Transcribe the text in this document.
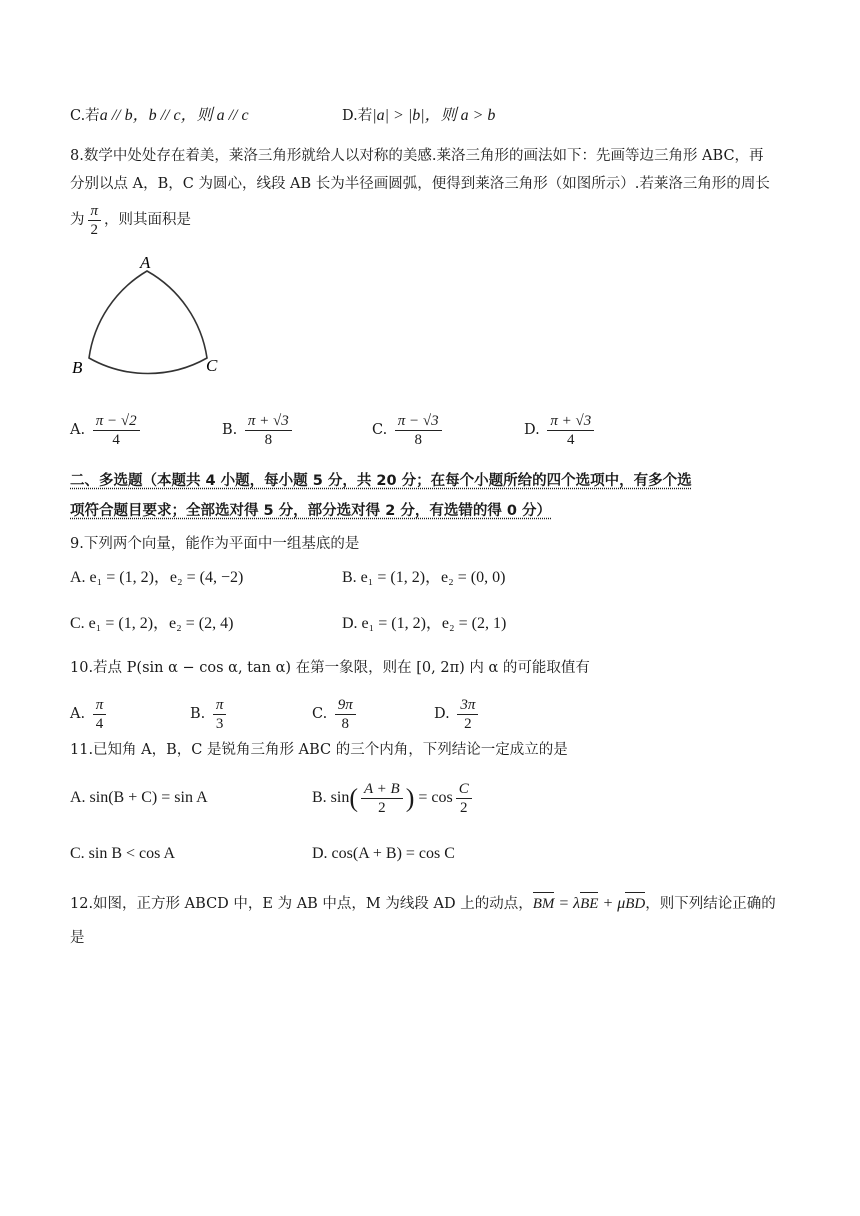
C.若a // b，b // c，则 a // c	D.若|a| > |b|，则 a > b
8.数学中处处存在着美，莱洛三角形就给人以对称的美感.莱洛三角形的画法如下：先画等边三角形 ABC，再
分别以点 A，B，C 为圆心，线段 AB 长为半径画圆弧，便得到莱洛三角形（如图所示）.若莱洛三角形的周长
为 $\frac{\pi}{2}$ ，则其面积是
A
B	C
A. $\frac{\pi - √2}{4}$	B. $\frac{\pi + √3}{8}$	C. $\frac{\pi - √3}{8}$	D. $\frac{\pi + √3}{4}$
二、多选题（本题共 4 小题，每小题 5 分，共 20 分；在每个小题所给的四个选项中，有多个选
项符合题目要求；全部选对得 5 分，部分选对得 2 分，有选错的得 0 分）
9.下列两个向量，能作为平面中一组基底的是
A. e₁ = (1, 2)，e₂ = (4, −2)	B. e₁ = (1, 2)，e₂ = (0, 0)
C. e₁ = (1, 2)，e₂ = (2, 4)	D. e₁ = (1, 2)，e₂ = (2, 1)
10.若点 P(sin α − cos α, tan α) 在第一象限，则在 [0, 2π) 内 α 的可能取值有
A. $\frac{\pi}{4}$	B. $\frac{\pi}{3}$	C. $\frac{9\pi}{8}$	D. $\frac{3\pi}{2}$
11.已知角 A，B，C 是锐角三角形 ABC 的三个内角，下列结论一定成立的是
A. sin(B + C) = sin A	B. $\sin( \frac{A + B}{2}$ ) = $\cos \frac{C}{2}$
C. sin B < cos A	D. cos(A + B) = cos C
12.如图，正方形 ABCD 中，E 为 AB 中点，M 为线段 AD 上的动点，BM = λBE + μBD，则下列结论正确的
是
